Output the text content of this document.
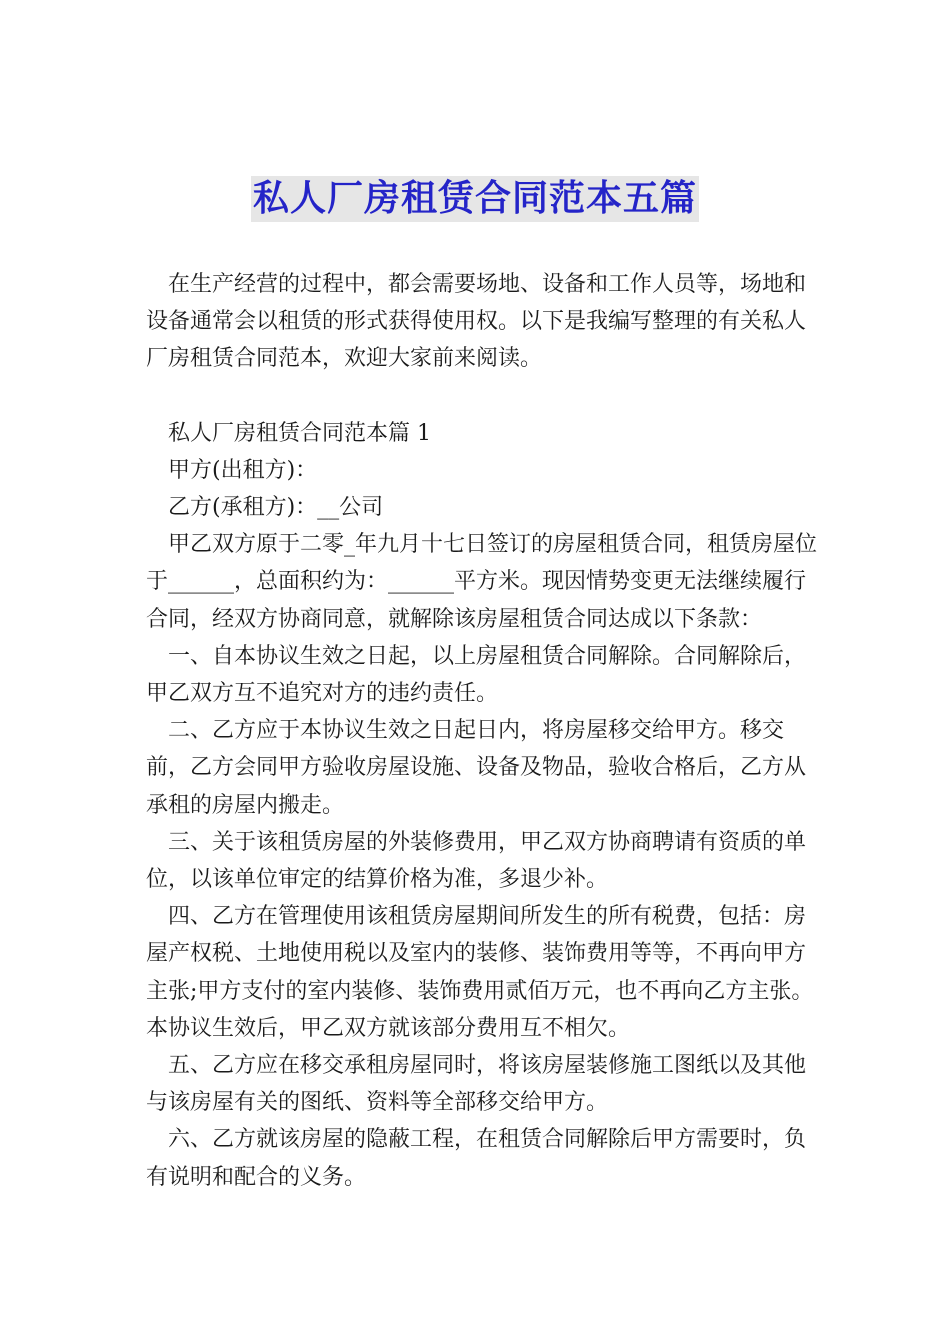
私人厂房租赁合同范本五篇

在生产经营的过程中，都会需要场地、设备和工作人员等，场地和设备通常会以租赁的形式获得使用权。以下是我编写整理的有关私人厂房租赁合同范本，欢迎大家前来阅读。

私人厂房租赁合同范本篇 1

甲方(出租方)：

乙方(承租方)：__公司

甲乙双方原于二零_年九月十七日签订的房屋租赁合同，租赁房屋位于______，总面积约为：______平方米。现因情势变更无法继续履行合同，经双方协商同意，就解除该房屋租赁合同达成以下条款：

一、自本协议生效之日起，以上房屋租赁合同解除。合同解除后，甲乙双方互不追究对方的违约责任。

二、乙方应于本协议生效之日起日内，将房屋移交给甲方。移交前，乙方会同甲方验收房屋设施、设备及物品，验收合格后，乙方从承租的房屋内搬走。

三、关于该租赁房屋的外装修费用，甲乙双方协商聘请有资质的单位，以该单位审定的结算价格为准，多退少补。

四、乙方在管理使用该租赁房屋期间所发生的所有税费，包括：房屋产权税、土地使用税以及室内的装修、装饰费用等等，不再向甲方主张;甲方支付的室内装修、装饰费用贰佰万元，也不再向乙方主张。本协议生效后，甲乙双方就该部分费用互不相欠。

五、乙方应在移交承租房屋同时，将该房屋装修施工图纸以及其他与该房屋有关的图纸、资料等全部移交给甲方。

六、乙方就该房屋的隐蔽工程，在租赁合同解除后甲方需要时，负有说明和配合的义务。
